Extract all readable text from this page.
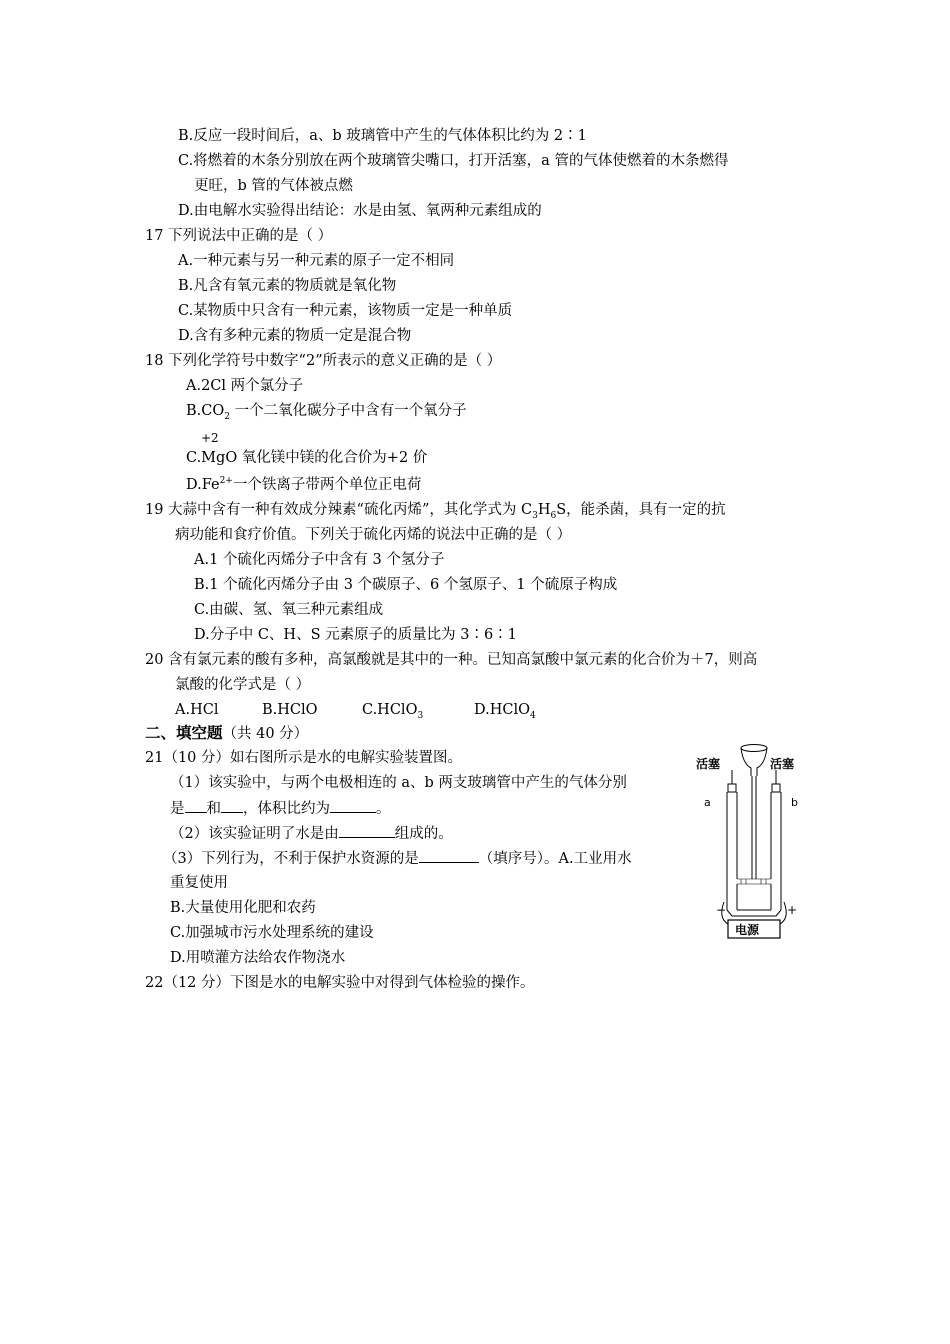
B.反应一段时间后，a、b 玻璃管中产生的气体体积比约为 2∶1
C.将燃着的木条分别放在两个玻璃管尖嘴口，打开活塞，a 管的气体使燃着的木条燃得
更旺，b 管的气体被点燃
D.由电解水实验得出结论：水是由氢、氧两种元素组成的
17 下列说法中正确的是（ ）
A.一种元素与另一种元素的原子一定不相同
B.凡含有氧元素的物质就是氧化物
C.某物质中只含有一种元素，该物质一定是一种单质
D.含有多种元素的物质一定是混合物
18 下列化学符号中数字“2”所表示的意义正确的是（ ）
A.2Cl 两个氯分子
$B.CO_2$ 一个二氧化碳分子中含有一个氧分子
+2
C.MgO 氧化镁中镁的化合价为+2 价
$D.Fe^{2+}$一个铁离子带两个单位正电荷
19 大蒜中含有一种有效成分辣素“硫化丙烯”，其化学式为 $C_3H_6S$，能杀菌，具有一定的抗
病功能和食疗价值。下列关于硫化丙烯的说法中正确的是（ ）
A.1 个硫化丙烯分子中含有 3 个氢分子
B.1 个硫化丙烯分子由 3 个碳原子、6 个氢原子、1 个硫原子构成
C.由碳、氢、氧三种元素组成
D.分子中 C、H、S 元素原子的质量比为 3∶6∶1
20 含有氯元素的酸有多种，高氯酸就是其中的一种。已知高氯酸中氯元素的化合价为＋7，则高
氯酸的化学式是（ ）
A.HCl	B.HClO	C.HClO$_3$	D.HClO$_4$
二、填空题（共 40 分）
21（10 分）如右图所示是水的电解实验装置图。
（1）该实验中，与两个电极相连的 a、b 两支玻璃管中产生的气体分别
是 和 ，体积比约为	。
（2）该实验证明了水是由	组成的。
（3）下列行为，不利于保护水资源的是	（填序号）。A.工业用水
重复使用
B.大量使用化肥和农药
C.加强城市污水处理系统的建设
D.用喷灌方法给农作物浇水
22（12 分）下图是水的电解实验中对得到气体检验的操作。
活塞	活塞
a	b
−	+
电源
